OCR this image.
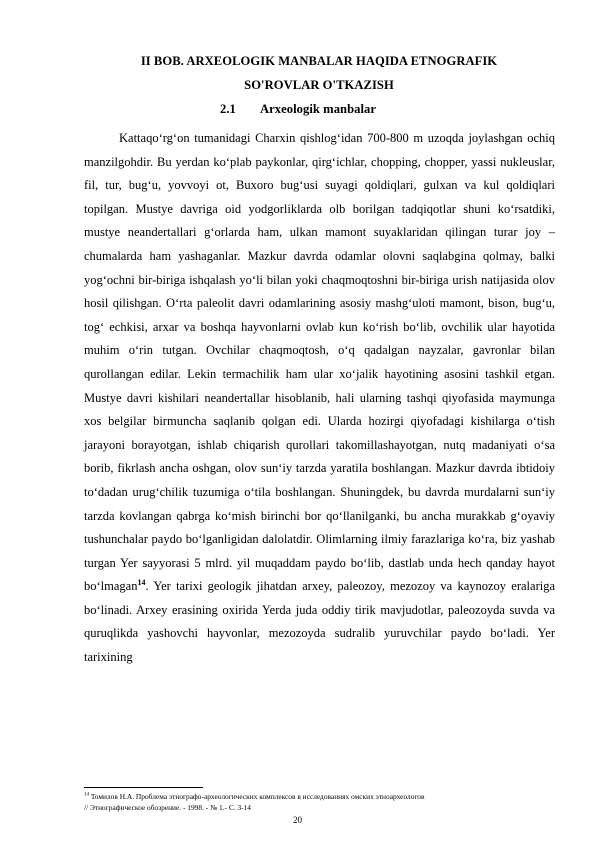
II BOB. ARXEOLOGIK MANBALAR HAQIDA ETNOGRAFIK
SO'ROVLAR O'TKAZISH
2.1 Arxeologik manbalar

Kattaqo‘rg‘on tumanidagi Charxin qishlog‘idan 700-800 m uzoqda joylashgan ochiq manzilgohdir. Bu yerdan ko‘plab paykonlar, qirg‘ichlar, chopping, chopper, yassi nukleuslar, fil, tur, bug‘u, yovvoyi ot, Buxoro bug‘usi suyagi qoldiqlari, gulxan va kul qoldiqlari topilgan. Mustye davriga oid yodgorliklarda olb borilgan tadqiqotlar shuni ko‘rsatdiki, mustye neandertallari g‘orlarda ham, ulkan mamont suyaklaridan qilingan turar joy – chumalarda ham yashaganlar. Mazkur davrda odamlar olovni saqlabgina qolmay, balki yog‘ochni bir-biriga ishqalash yo‘li bilan yoki chaqmoqtoshni bir-biriga urish natijasida olov hosil qilishgan. O‘rta paleolit davri odamlarining asosiy mashg‘uloti mamont, bison, bug‘u, tog‘ echkisi, arxar va boshqa hayvonlarni ovlab kun ko‘rish bo‘lib, ovchilik ular hayotida muhim o‘rin tutgan. Ovchilar chaqmoqtosh, o‘q qadalgan nayzalar, gavronlar bilan qurollangan edilar. Lekin termachilik ham ular xo‘jalik hayotining asosini tashkil etgan. Mustye davri kishilari neandertallar hisoblanib, hali ularning tashqi qiyofasida maymunga xos belgilar birmuncha saqlanib qolgan edi. Ularda hozirgi qiyofadagi kishilarga o‘tish jarayoni borayotgan, ishlab chiqarish qurollari takomillashayotgan, nutq madaniyati o‘sa borib, fikrlash ancha oshgan, olov sun‘iy tarzda yaratila boshlangan. Mazkur davrda ibtidoiy to‘dadan urug‘chilik tuzumiga o‘tila boshlangan. Shuningdek, bu davrda murdalarni sun‘iy tarzda kovlangan qabrga ko‘mish birinchi bor qo‘llanilganki, bu ancha murakkab g‘oyaviy tushunchalar paydo bo‘lganligidan dalolatdir. Olimlarning ilmiy farazlariga ko‘ra, biz yashab turgan Yer sayyorasi 5 mlrd. yil muqaddam paydo bo‘lib, dastlab unda hech qanday hayot bo‘lmagan$^{14}$. Yer tarixi geologik jihatdan arxey, paleozoy, mezozoy va kaynozoy eralariga bo‘linadi. Arxey erasining oxirida Yerda juda oddiy tirik mavjudotlar, paleozoyda suvda va quruqlikda yashovchi hayvonlar, mezozoyda sudralib yuruvchilar paydo bo‘ladi. Yer tarixining

$^{14}$ Томилов Н.А. Проблема этнографо-археологических комплексов в исследованиях омских этноархеологов
// Этнографическое обозрение. - 1998. - № 1.- С. 3-14

20
